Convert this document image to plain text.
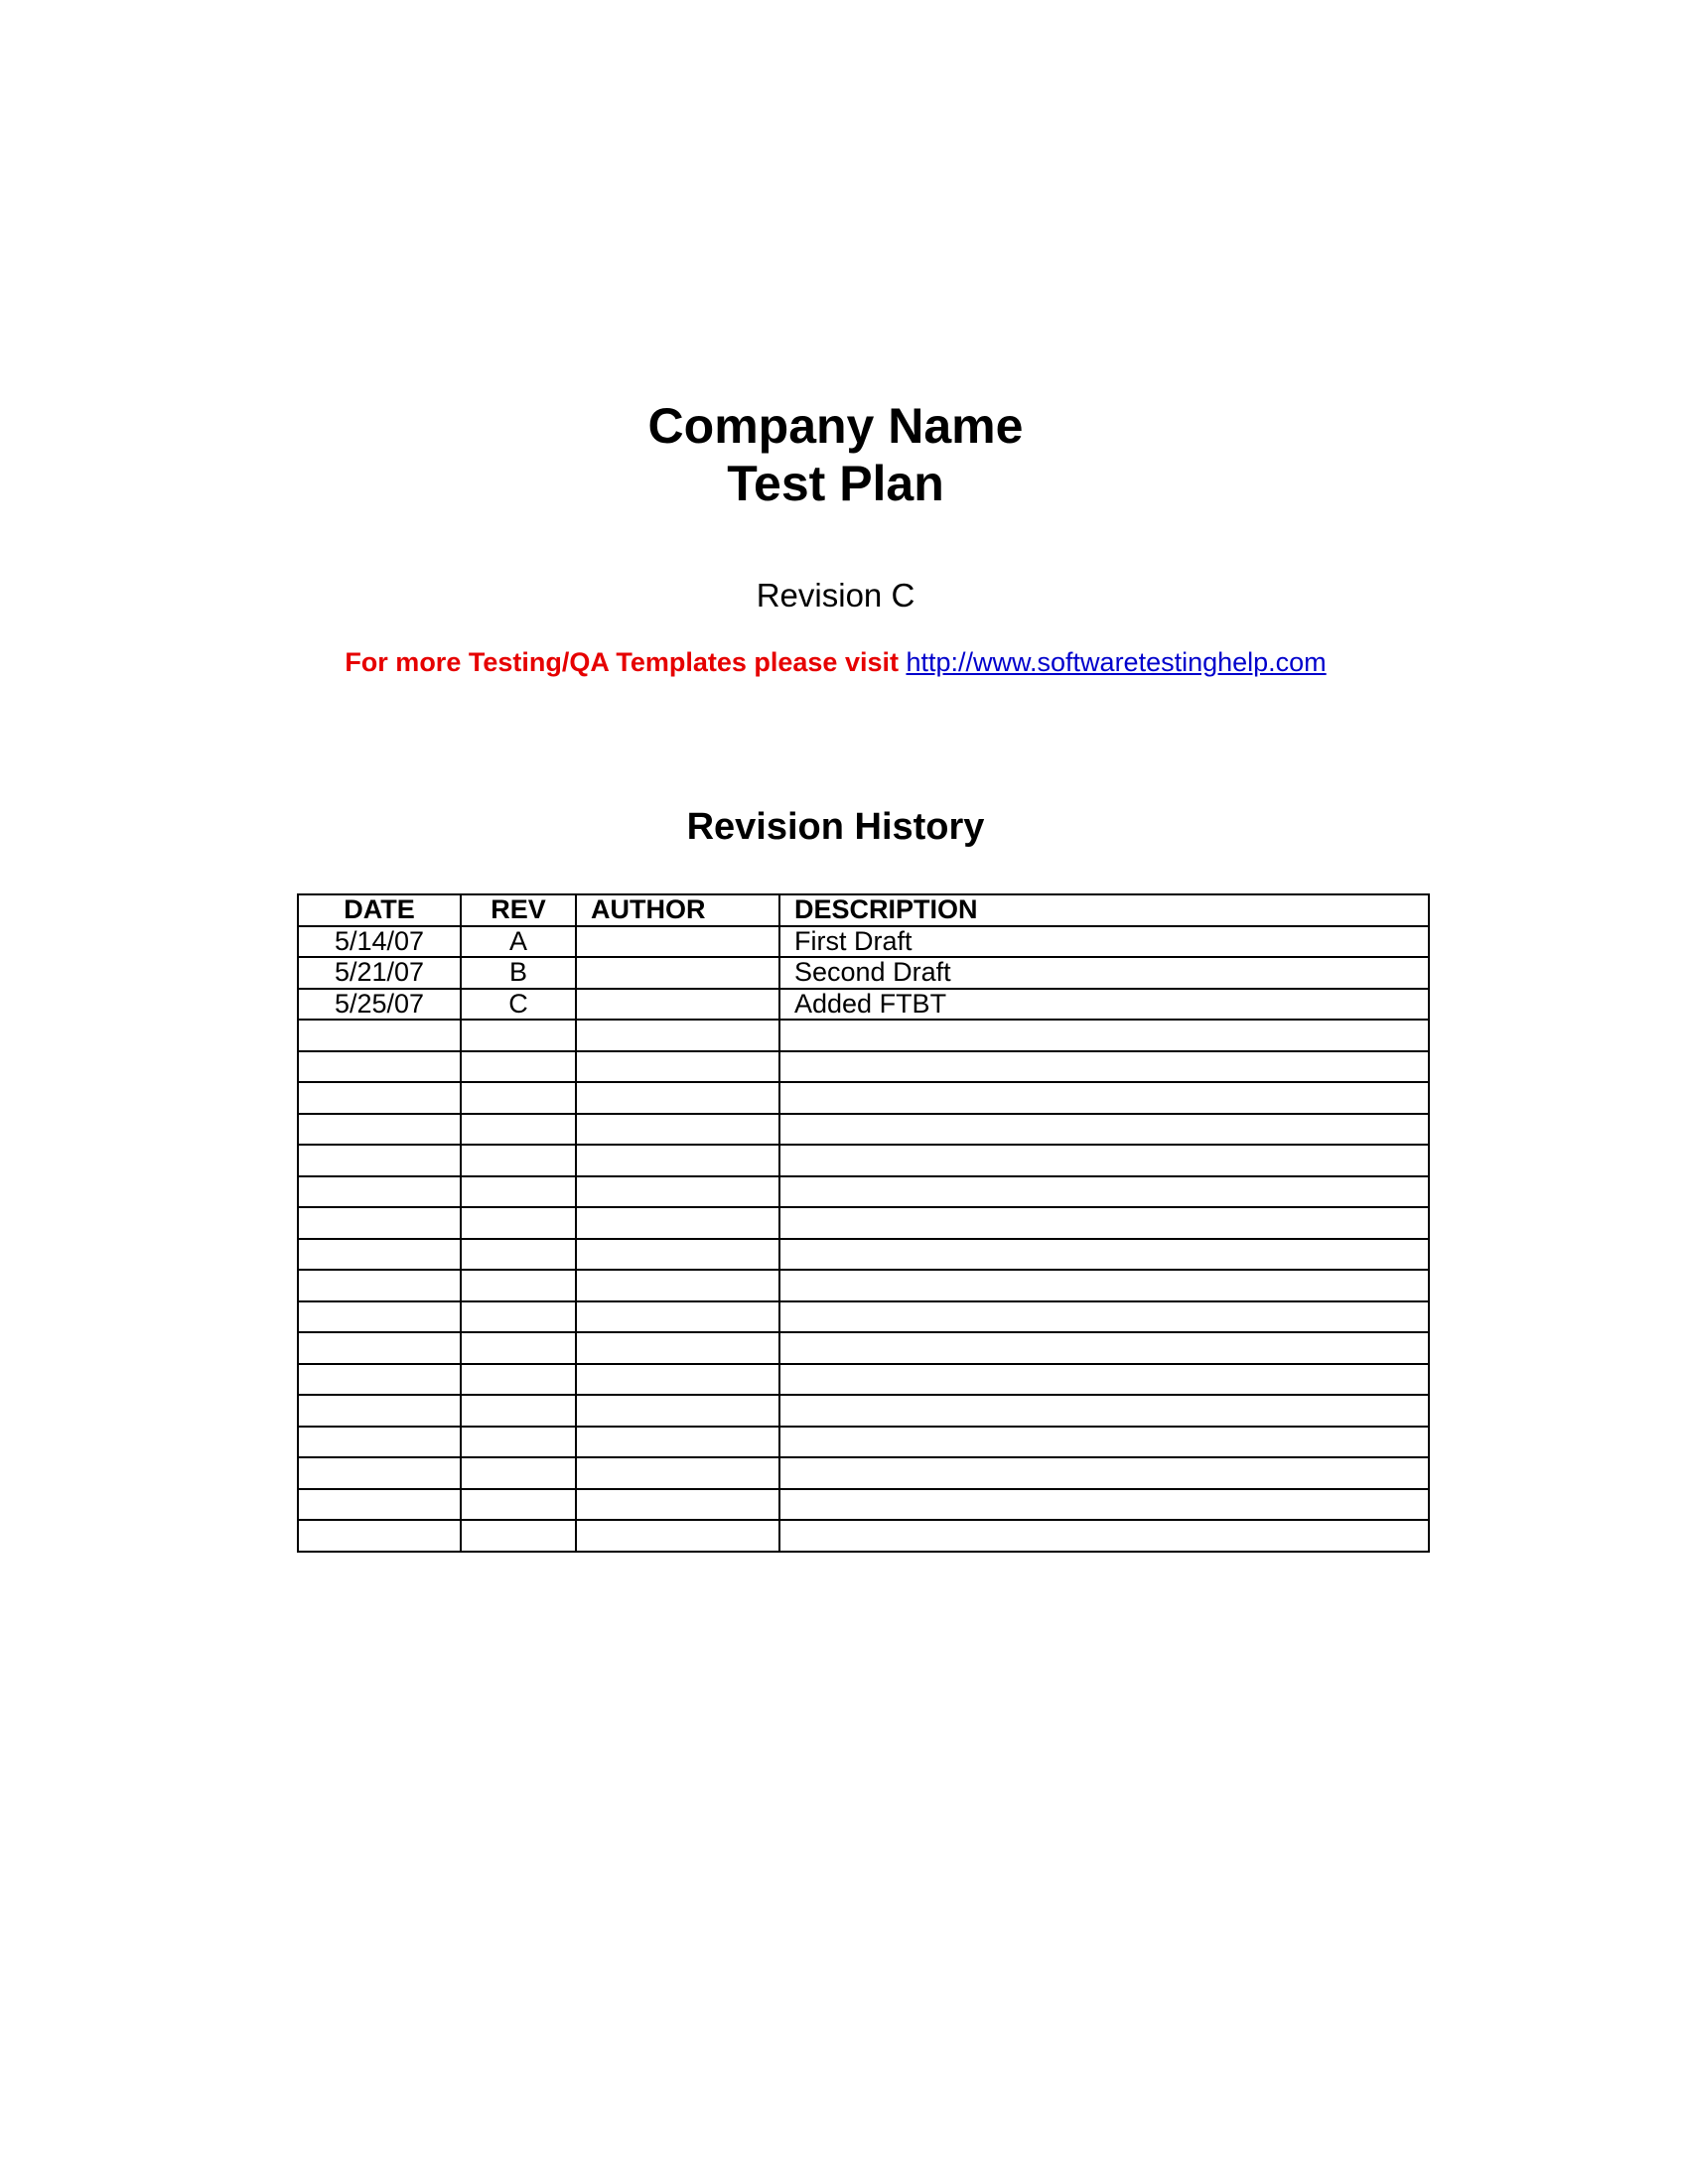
Company Name

Test Plan

Revision C
For more Testing/QA Templates please visit http://www.softwaretestinghelp.com
Revision History
DATE	REV	AUTHOR	DESCRIPTION
5/14/07	A		First Draft
5/21/07	B		Second Draft
5/25/07	C		Added FTBT
